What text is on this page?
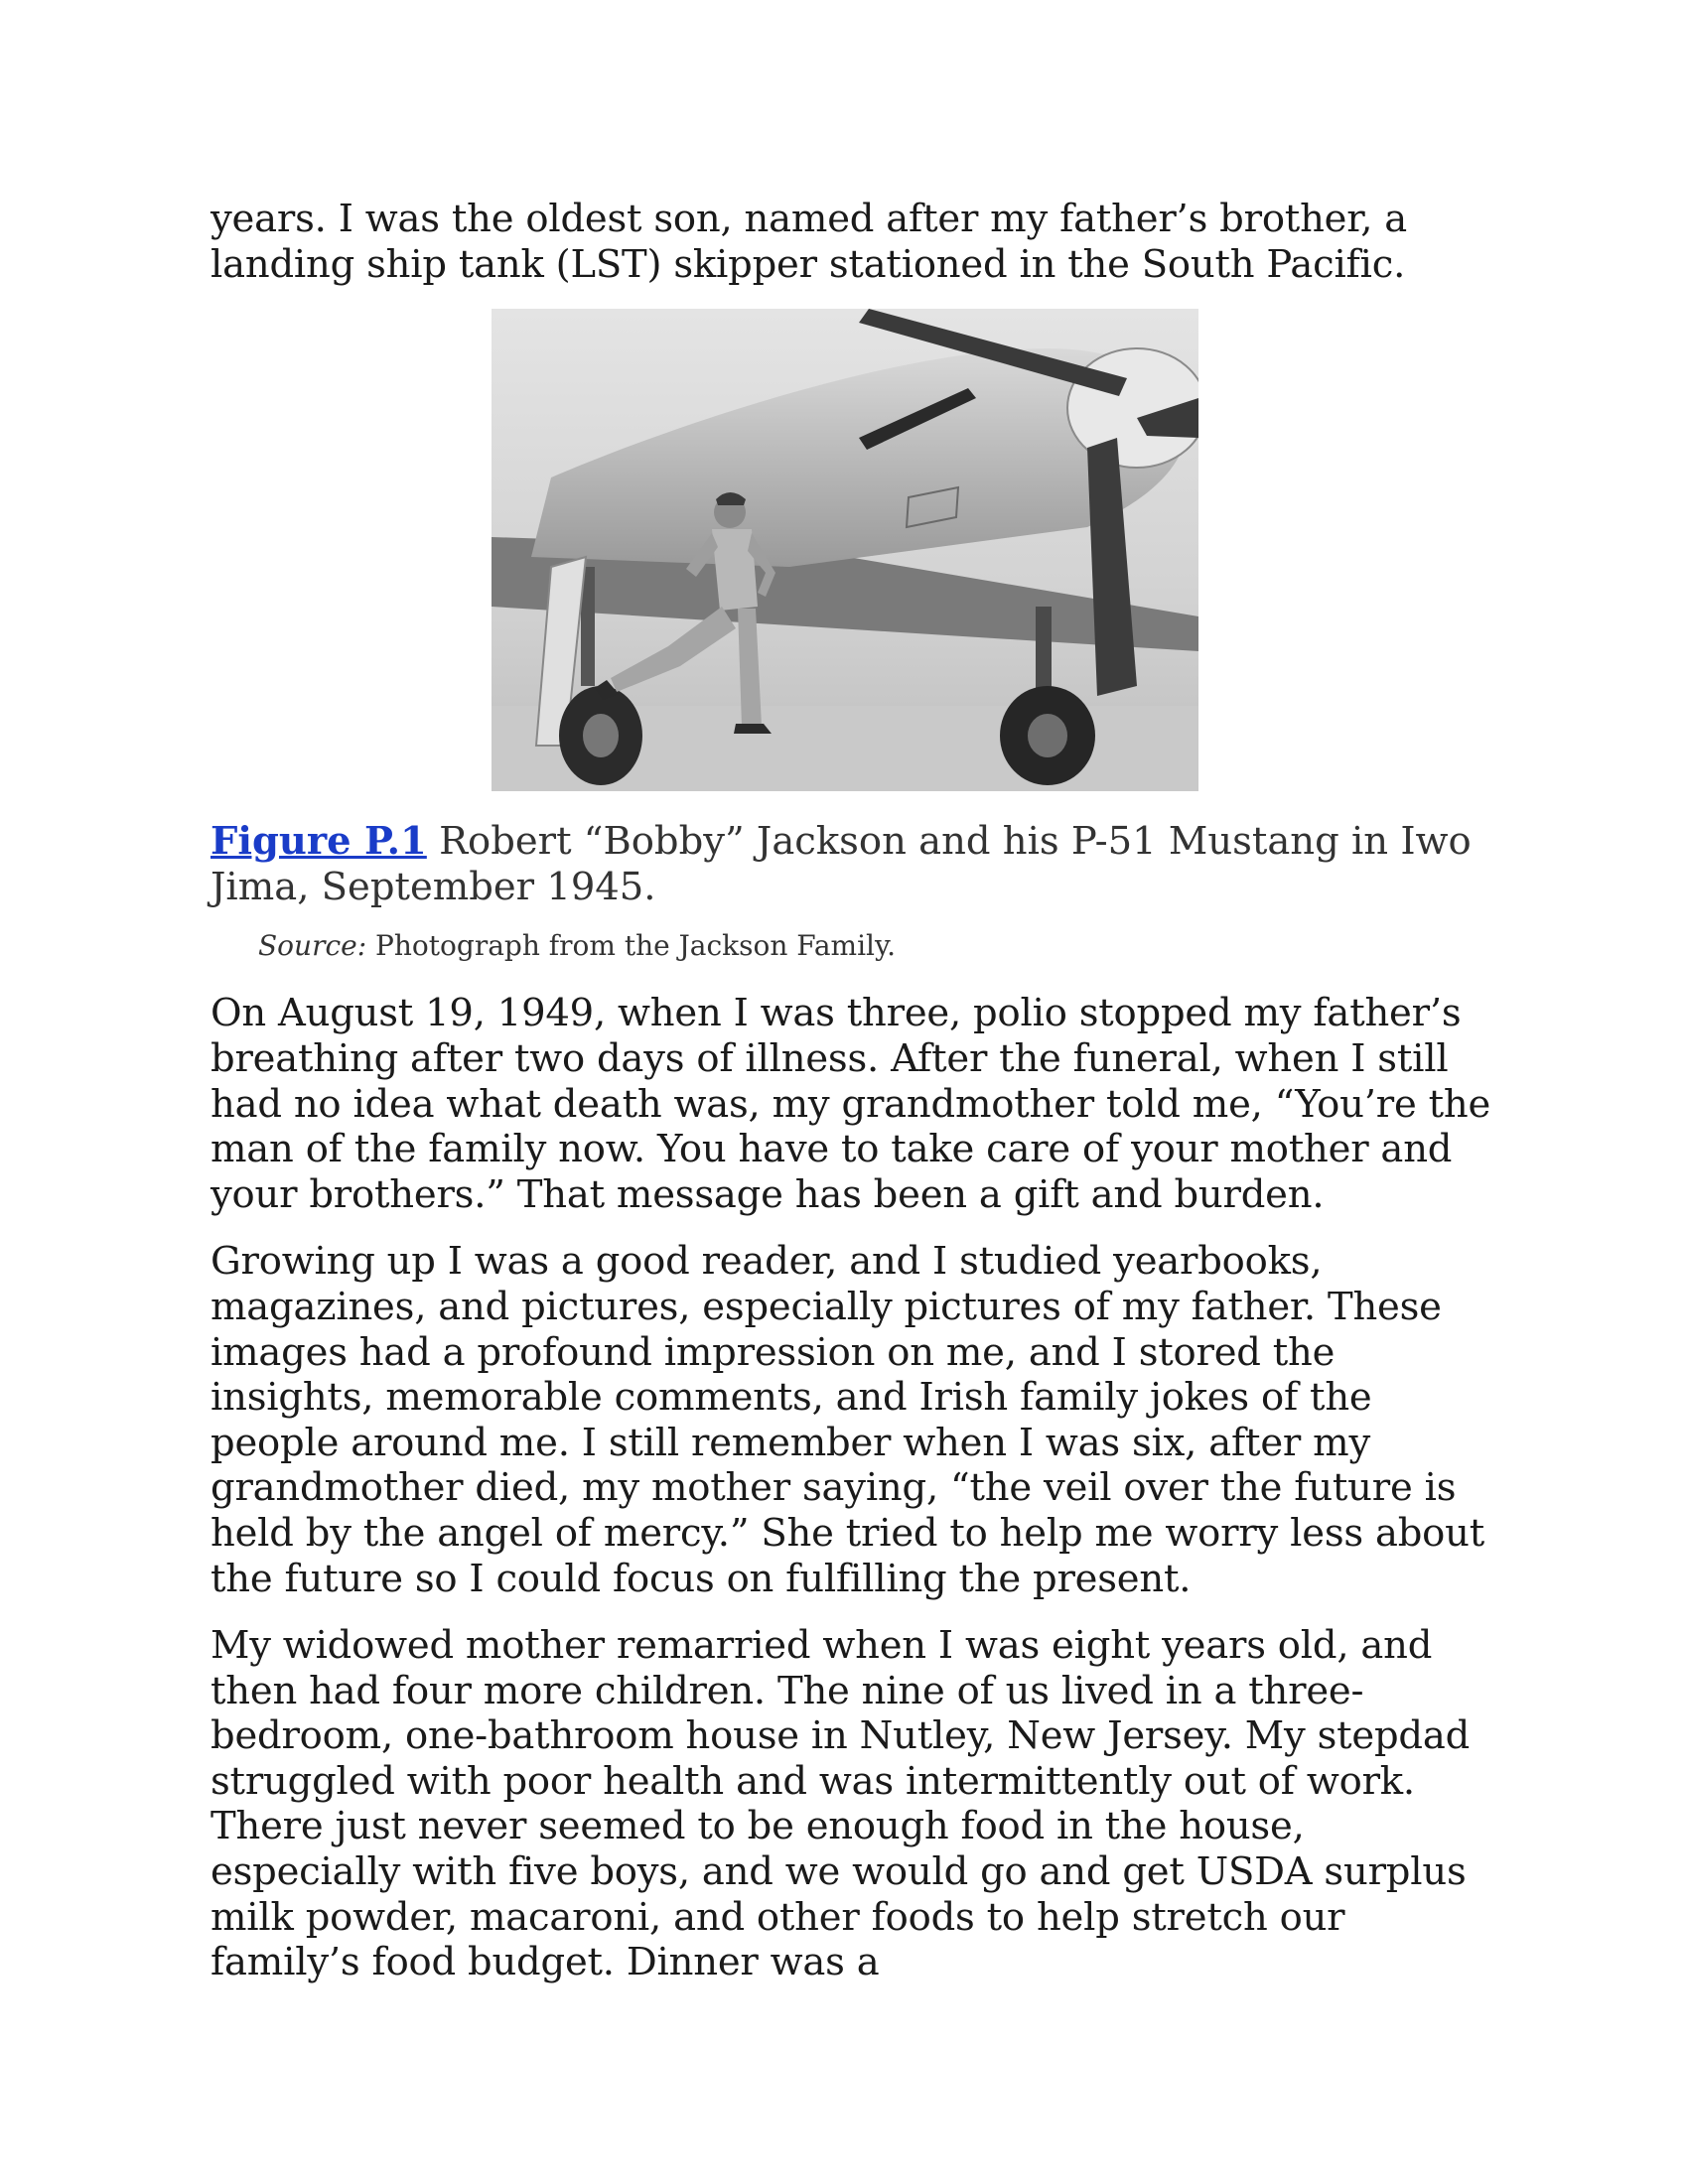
years. I was the oldest son, named after my father’s brother, a landing ship tank (LST) skipper stationed in the South Pacific.

Figure P.1 Robert “Bobby” Jackson and his P-51 Mustang in Iwo Jima, September 1945.
Source: Photograph from the Jackson Family.

On August 19, 1949, when I was three, polio stopped my father’s breathing after two days of illness. After the funeral, when I still had no idea what death was, my grandmother told me, “You’re the man of the family now. You have to take care of your mother and your brothers.” That message has been a gift and burden.

Growing up I was a good reader, and I studied yearbooks, magazines, and pictures, especially pictures of my father. These images had a profound impression on me, and I stored the insights, memorable comments, and Irish family jokes of the people around me. I still remember when I was six, after my grandmother died, my mother saying, “the veil over the future is held by the angel of mercy.” She tried to help me worry less about the future so I could focus on fulfilling the present.

My widowed mother remarried when I was eight years old, and then had four more children. The nine of us lived in a three-bedroom, one-bathroom house in Nutley, New Jersey. My stepdad struggled with poor health and was intermittently out of work. There just never seemed to be enough food in the house, especially with five boys, and we would go and get USDA surplus milk powder, macaroni, and other foods to help stretch our family’s food budget. Dinner was a
